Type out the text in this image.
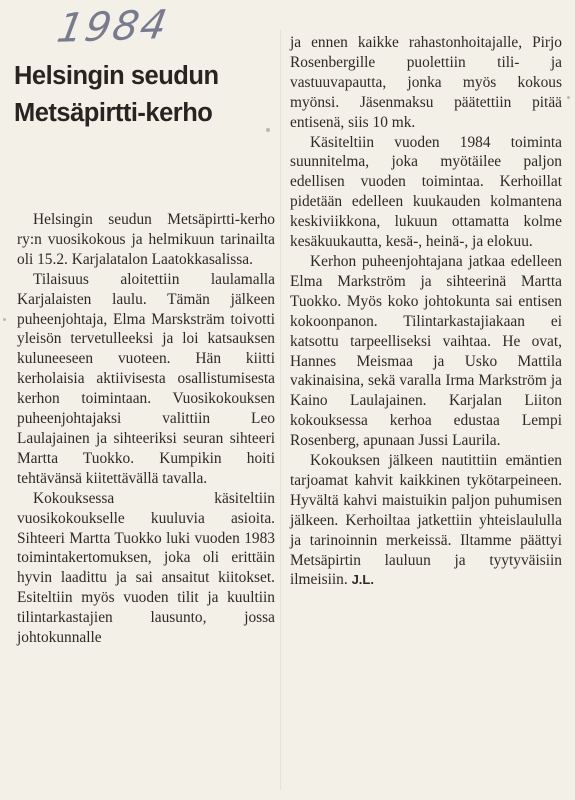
1984
Helsingin seudun
Metsäpirtti-kerho

Helsingin seudun Metsäpirtti-kerho ry:n vuosikokous ja helmikuun tarinailta oli 15.2. Karjalatalon Laatokkasalissa.

Tilaisuus aloitettiin laulamalla Karjalaisten laulu. Tämän jälkeen puheenjohtaja, Elma Marsksträm toivotti yleisön tervetulleeksi ja loi katsauksen kuluneeseen vuoteen. Hän kiitti kerholaisia aktiivisesta osallistumisesta kerhon toimintaan. Vuosikokouksen puheenjohtajaksi valittiin Leo Laulajainen ja sihteeriksi seuran sihteeri Martta Tuokko. Kumpikin hoiti tehtävänsä kiitettävällä tavalla.

Kokouksessa käsiteltiin vuosikokoukselle kuuluvia asioita. Sihteeri Martta Tuokko luki vuoden 1983 toimintakertomuksen, joka oli erittäin hyvin laadittu ja sai ansaitut kiitokset. Esiteltiin myös vuoden tilit ja kuultiin tilintarkastajien lausunto, jossa johtokunnalle

ja ennen kaikke rahastonhoitajalle, Pirjo Rosenbergille puolettiin tili- ja vastuuvapautta, jonka myös kokous myönsi. Jäsenmaksu päätettiin pitää entisenä, siis 10 mk.

Käsiteltiin vuoden 1984 toiminta suunnitelma, joka myötäilee paljon edellisen vuoden toimintaa. Kerhoillat pidetään edelleen kuukauden kolmantena keskiviikkona, lukuun ottamatta kolme kesäkuukautta, kesä-, heinä-, ja elokuu.

Kerhon puheenjohtajana jatkaa edelleen Elma Markström ja sihteerinä Martta Tuokko. Myös koko johtokunta sai entisen kokoonpanon. Tilintarkastajiakaan ei katsottu tarpeelliseksi vaihtaa. He ovat, Hannes Meismaa ja Usko Mattila vakinaisina, sekä varalla Irma Markström ja Kaino Laulajainen. Karjalan Liiton kokouksessa kerhoa edustaa Lempi Rosenberg, apunaan Jussi Laurila.

Kokouksen jälkeen nautittiin emäntien tarjoamat kahvit kaikkinen tykötarpeineen. Hyvältä kahvi maistuikin paljon puhumisen jälkeen. Kerhoiltaa jatkettiin yhteislaululla ja tarinoinnin merkeissä. Iltamme päättyi Metsäpirtin lauluun ja tyytyväisiin ilmeisiin. J.L.
